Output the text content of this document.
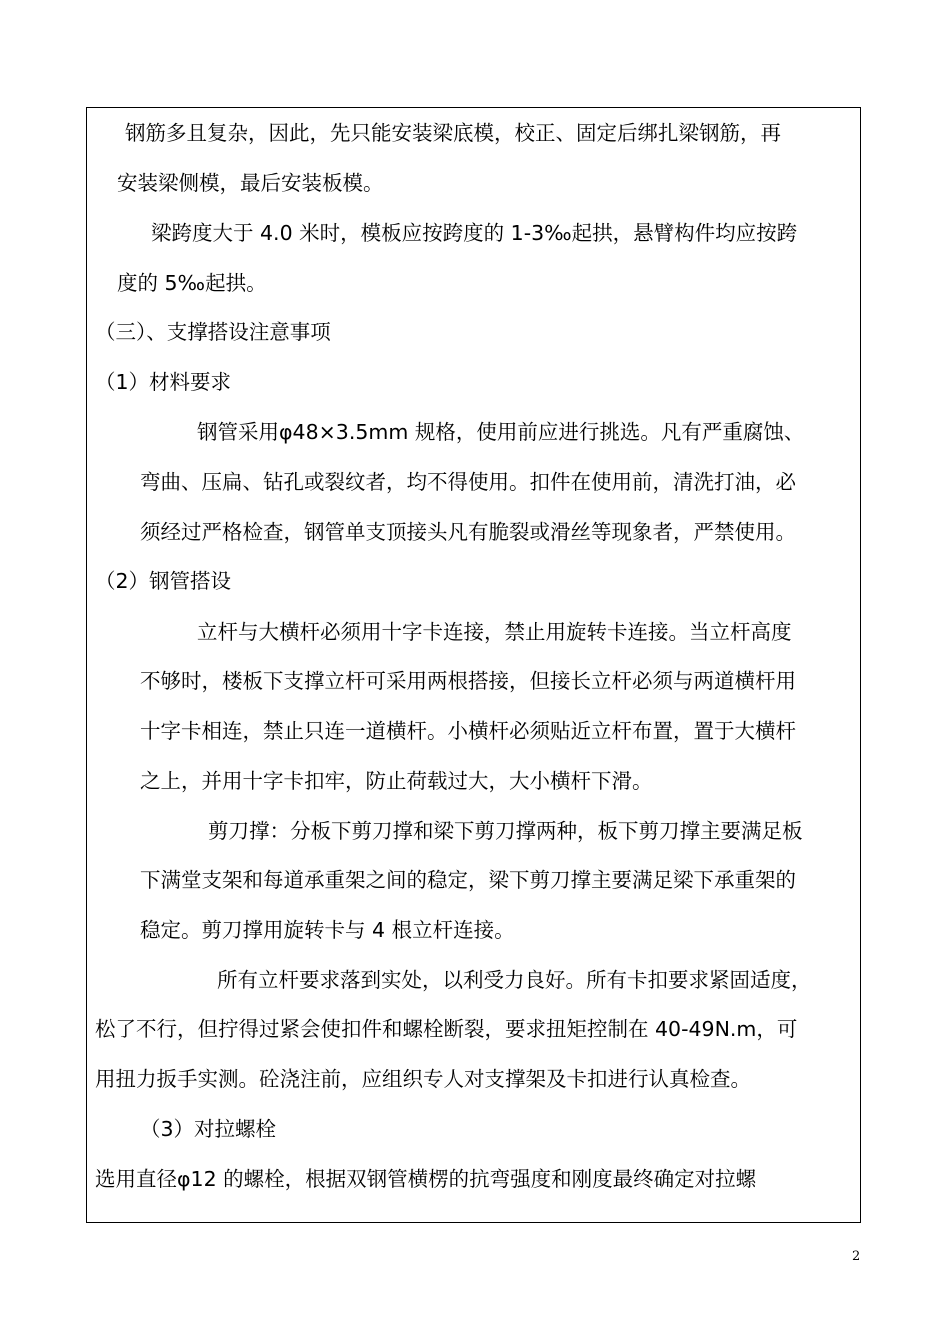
钢筋多且复杂，因此，先只能安装梁底模，校正、固定后绑扎梁钢筋，再
安装梁侧模，最后安装板模。
梁跨度大于 4.0 米时，模板应按跨度的 1-3‰起拱，悬臂构件均应按跨
度的 5‰起拱。
（三）、支撑搭设注意事项
（1）材料要求
钢管采用φ48×3.5mm 规格，使用前应进行挑选。凡有严重腐蚀、
弯曲、压扁、钻孔或裂纹者，均不得使用。扣件在使用前，清洗打油，必
须经过严格检查，钢管单支顶接头凡有脆裂或滑丝等现象者，严禁使用。
（2）钢管搭设
立杆与大横杆必须用十字卡连接，禁止用旋转卡连接。当立杆高度
不够时，楼板下支撑立杆可采用两根搭接，但接长立杆必须与两道横杆用
十字卡相连，禁止只连一道横杆。小横杆必须贴近立杆布置，置于大横杆
之上，并用十字卡扣牢，防止荷载过大，大小横杆下滑。
剪刀撑：分板下剪刀撑和梁下剪刀撑两种，板下剪刀撑主要满足板
下满堂支架和每道承重架之间的稳定，梁下剪刀撑主要满足梁下承重架的
稳定。剪刀撑用旋转卡与 4 根立杆连接。
所有立杆要求落到实处，以利受力良好。所有卡扣要求紧固适度，
松了不行，但拧得过紧会使扣件和螺栓断裂，要求扭矩控制在 40-49N.m，可
用扭力扳手实测。砼浇注前，应组织专人对支撑架及卡扣进行认真检查。
（3）对拉螺栓
选用直径φ12 的螺栓，根据双钢管横楞的抗弯强度和刚度最终确定对拉螺
2
